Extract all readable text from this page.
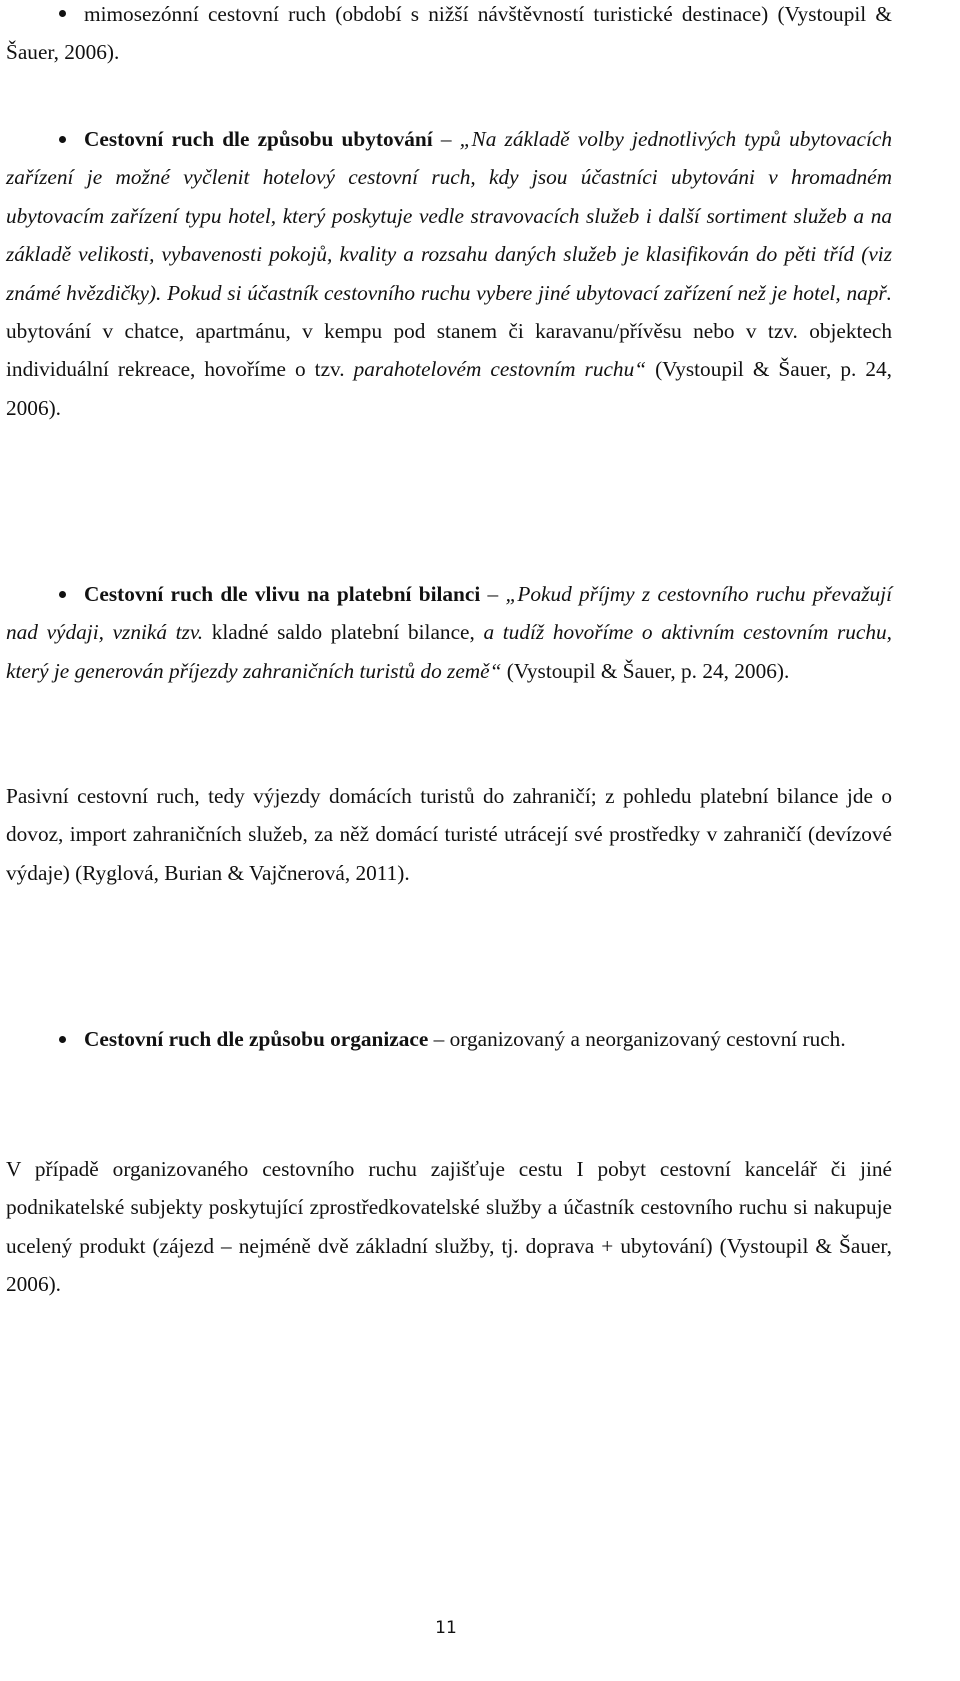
mimosezónní cestovní ruch (období s nižší návštěvností turistické destinace) (Vystoupil & Šauer, 2006).

Cestovní ruch dle způsobu ubytování – „Na základě volby jednotlivých typů ubytovacích zařízení je možné vyčlenit hotelový cestovní ruch, kdy jsou účastníci ubytováni v hromadném ubytovacím zařízení typu hotel, který poskytuje vedle stravovacích služeb i další sortiment služeb a na základě velikosti, vybavenosti pokojů, kvality a rozsahu daných služeb je klasifikován do pěti tříd (viz známé hvězdičky). Pokud si účastník cestovního ruchu vybere jiné ubytovací zařízení než je hotel, např. ubytování v chatce, apartmánu, v kempu pod stanem či karavanu/přívěsu nebo v tzv. objektech individuální rekreace, hovoříme o tzv. parahotelovém cestovním ruchu“ (Vystoupil & Šauer, p. 24, 2006).

Cestovní ruch dle vlivu na platební bilanci – „Pokud příjmy z cestovního ruchu převažují nad výdaji, vzniká tzv. kladné saldo platební bilance, a tudíž hovoříme o aktivním cestovním ruchu, který je generován příjezdy zahraničních turistů do země“ (Vystoupil & Šauer, p. 24, 2006).

Pasivní cestovní ruch, tedy výjezdy domácích turistů do zahraničí; z pohledu platební bilance jde o dovoz, import zahraničních služeb, za něž domácí turisté utrácejí své prostředky v zahraničí (devízové výdaje) (Ryglová, Burian & Vajčnerová, 2011).

Cestovní ruch dle způsobu organizace – organizovaný a neorganizovaný cestovní ruch.

V případě organizovaného cestovního ruchu zajišťuje cestu I pobyt cestovní kancelář či jiné podnikatelské subjekty poskytující zprostředkovatelské služby a účastník cestovního ruchu si nakupuje ucelený produkt (zájezd – nejméně dvě základní služby, tj. doprava + ubytování) (Vystoupil & Šauer, 2006).

11
